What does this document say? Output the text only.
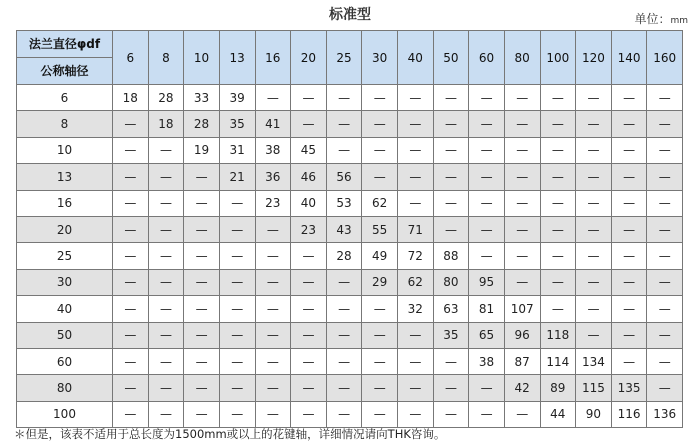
标准型	单位：mm
法兰直径φdf
公称轴径	6	8	10	13	16	20	25	30	40	50	60	80	100	120	140	160
6	18	28	33	39	—	—	—	—	—	—	—	—	—	—	—	—
8	—	18	28	35	41	—	—	—	—	—	—	—	—	—	—	—
10	—	—	19	31	38	45	—	—	—	—	—	—	—	—	—	—
13	—	—	—	21	36	46	56	—	—	—	—	—	—	—	—	—
16	—	—	—	—	23	40	53	62	—	—	—	—	—	—	—	—
20	—	—	—	—	—	23	43	55	71	—	—	—	—	—	—	—
25	—	—	—	—	—	—	28	49	72	88	—	—	—	—	—	—
30	—	—	—	—	—	—	—	29	62	80	95	—	—	—	—	—
40	—	—	—	—	—	—	—	—	32	63	81	107	—	—	—	—
50	—	—	—	—	—	—	—	—	—	35	65	96	118	—	—	—
60	—	—	—	—	—	—	—	—	—	—	38	87	114	134	—	—
80	—	—	—	—	—	—	—	—	—	—	—	42	89	115	135	—
100	—	—	—	—	—	—	—	—	—	—	—	—	44	90	116	136
＊但是，该表不适用于总长度为1500mm或以上的花键轴，详细情况请向THK咨询。
